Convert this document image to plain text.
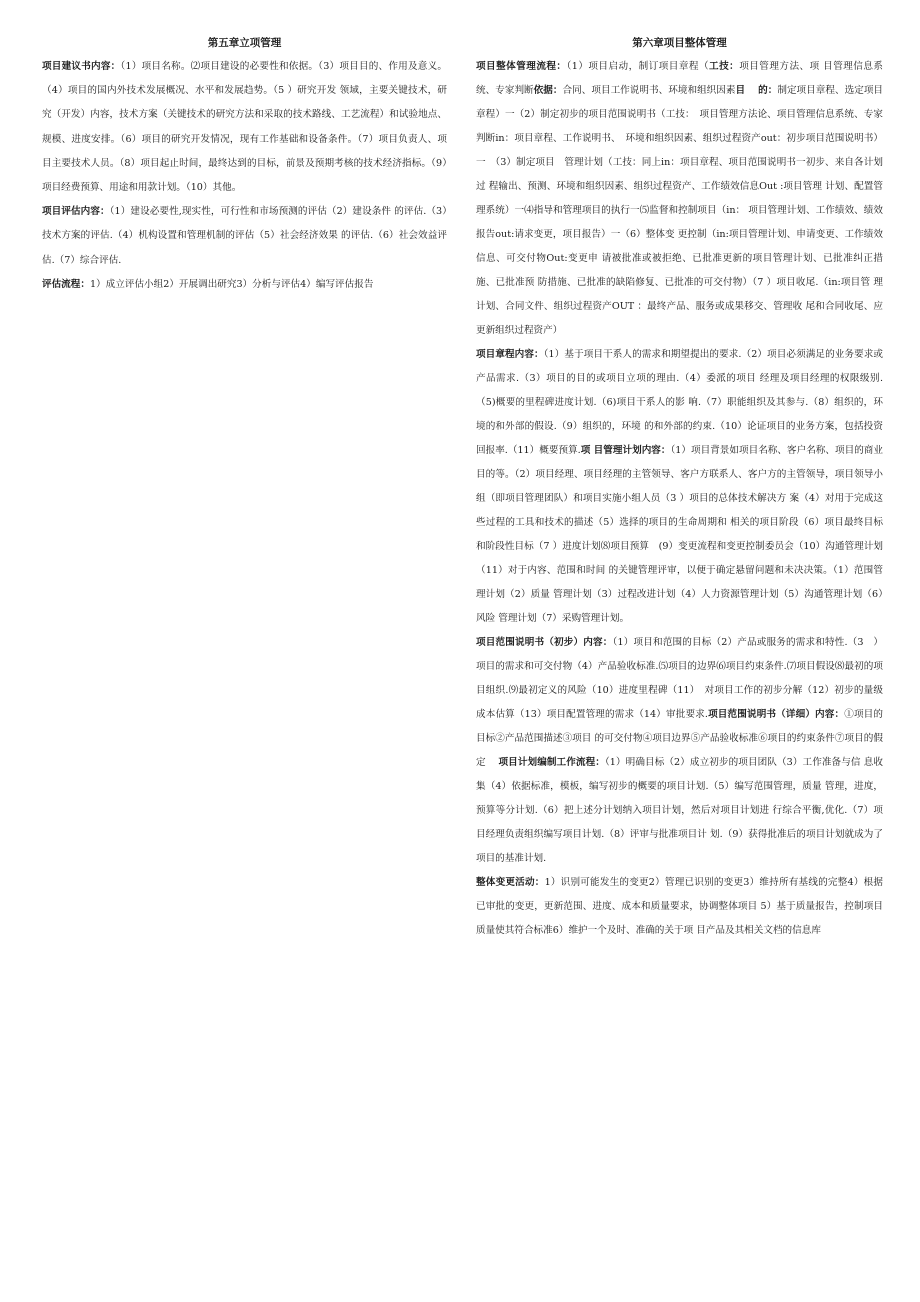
第五章立项管理

项目建议书内容：（1）项目名称。⑵项目建设的必要性和依据。（3）项目目的、作用及意义。（4）项目的国内外技术发展概况、水平和发展趋势。（5 ）研究开发 领域，主要关键技术，研究（开发）内容，技术方案（关键技术的研究方法和采取的技术路线、工艺流程）和试验地点、规模、进度安排。（6）项目的研究开发情况，现有工作基础和设备条件。（7）项目负责人、项目主要技术人员。（8）项目起止时间，最终达到的目标，前景及预期考核的技术经济指标。（9）项目经费预算、用途和用款计划。（10）其他。

项目评估内容：（1）建设必要性,现实性，可行性和市场预测的评估（2）建设条件 的评估.（3）技术方案的评估.（4）机构设置和管理机制的评估（5）社会经济效果 的评估.（6）社会效益评估.（7）综合评估.

评估流程：1）成立评估小组2）开展调出研究3）分析与评估4）编写评估报告

第六章项目整体管理

项目整体管理流程：（1）项目启动，制订项目章程（工技：项目管理方法、项 目管理信息系统、专家判断依据：合同、项目工作说明书、环境和组织因素目　 的：制定项目章程、选定项目章程）一（2）制定初步的项目范围说明书（工技：　项目管理方法论、项目管理信息系统、专家判断in：项目章程、工作说明书、　环境和组织因素、组织过程资产out：初步项目范围说明书）一　（3）制定项目　管理计划（工技：同上in：项目章程、项目范围说明书一初步、来自各计划过 程输出、预测、环境和组织因素、组织过程资产、工作绩效信息Out :项目管理 计划、配置管理系统）一⑷指导和管理项目的执行一⑸监督和控制项目（in： 项目管理计划、工作绩效、绩效报告out:请求变更，项目报告）一（6）整体变 更控制（in:项目管理计划、申请变更、工作绩效信息、可交付物Out:变更申 请被批准或被拒绝、已批准更新的项目管理计划、已批准纠正措施、已批准预 防措施、已批准的缺陷修复、已批准的可交付物）（7 ）项目收尾.（in:项目管 理计划、合同文件、组织过程资产OUT ：最终产品、服务或成果移交、管理收 尾和合同收尾、应更新组织过程资产）

项目章程内容：（1）基于项目干系人的需求和期望提出的要求.（2）项目必须满足的业务要求或产品需求.（3）项目的目的或项目立项的理由.（4）委派的项目 经理及项目经理的权限级别.（5)概要的里程碑进度计划.（6)项目干系人的影 响.（7）职能组织及其参与.（8）组织的，环境的和外部的假设.（9）组织的，环境 的和外部的约束.（10）论证项目的业务方案，包括投资回报率.（11）概要预算.项 目管理计划内容：（1）项目背景如项目名称、客户名称、项目的商业目的等。（2）项目经理、项目经理的主管领导、客户方联系人、客户方的主管领导，项目领导小组（即项目管理团队）和项目实施小组人员（3 ）项目的总体技术解决方 案（4）对用于完成这些过程的工具和技术的描述（5）选择的项目的生命周期和 相关的项目阶段（6）项目最终目标和阶段性目标（7 ）进度计划⑻项目预算　(9）变更流程和变更控制委员会（10）沟通管理计划（11）对于内容、范围和时间 的关键管理评审，以便于确定悬留问题和未决决策。（1）范围管理计划（2）质量 管理计划（3）过程改进计划（4）人力资源管理计划（5）沟通管理计划（6）风险 管理计划（7）采购管理计划。

项目范围说明书（初步）内容：（1）项目和范围的目标（2）产品或服务的需求和特性.（3　）项目的需求和可交付物（4）产品验收标准.⑸项目的边界⑹项目约束条件.⑺项目假设⑻最初的项目组织.⑼最初定义的风险（10）进度里程碑（11）　对项目工作的初步分解（12）初步的量级成本估算（13）项目配置管理的需求（14）审批要求.项目范围说明书（详细）内容：①项目的目标②产品范围描述③项目 的可交付物④项目边界⑤产品验收标准⑥项目的约束条件⑦项目的假定　 项目计划编制工作流程：（1）明确目标（2）成立初步的项目团队（3）工作准备与信 息收集（4）依据标准，模板，编写初步的概要的项目计划.（5）编写范围管理，质量 管理，进度，预算等分计划.（6）把上述分计划纳入项目计划，然后对项目计划进 行综合平衡,优化.（7）项目经理负责组织编写项目计划.（8）评审与批准项目计 划.（9）获得批准后的项目计划就成为了项目的基准计划.

整体变更活动：1）识别可能发生的变更2）管理已识别的变更3）维持所有基线的完整4）根据已审批的变更，更新范围、进度、成本和质量要求，协调整体项目 5）基于质量报告，控制项目质量使其符合标准6）维护一个及时、准确的关于项 目产品及其相关文档的信息库
